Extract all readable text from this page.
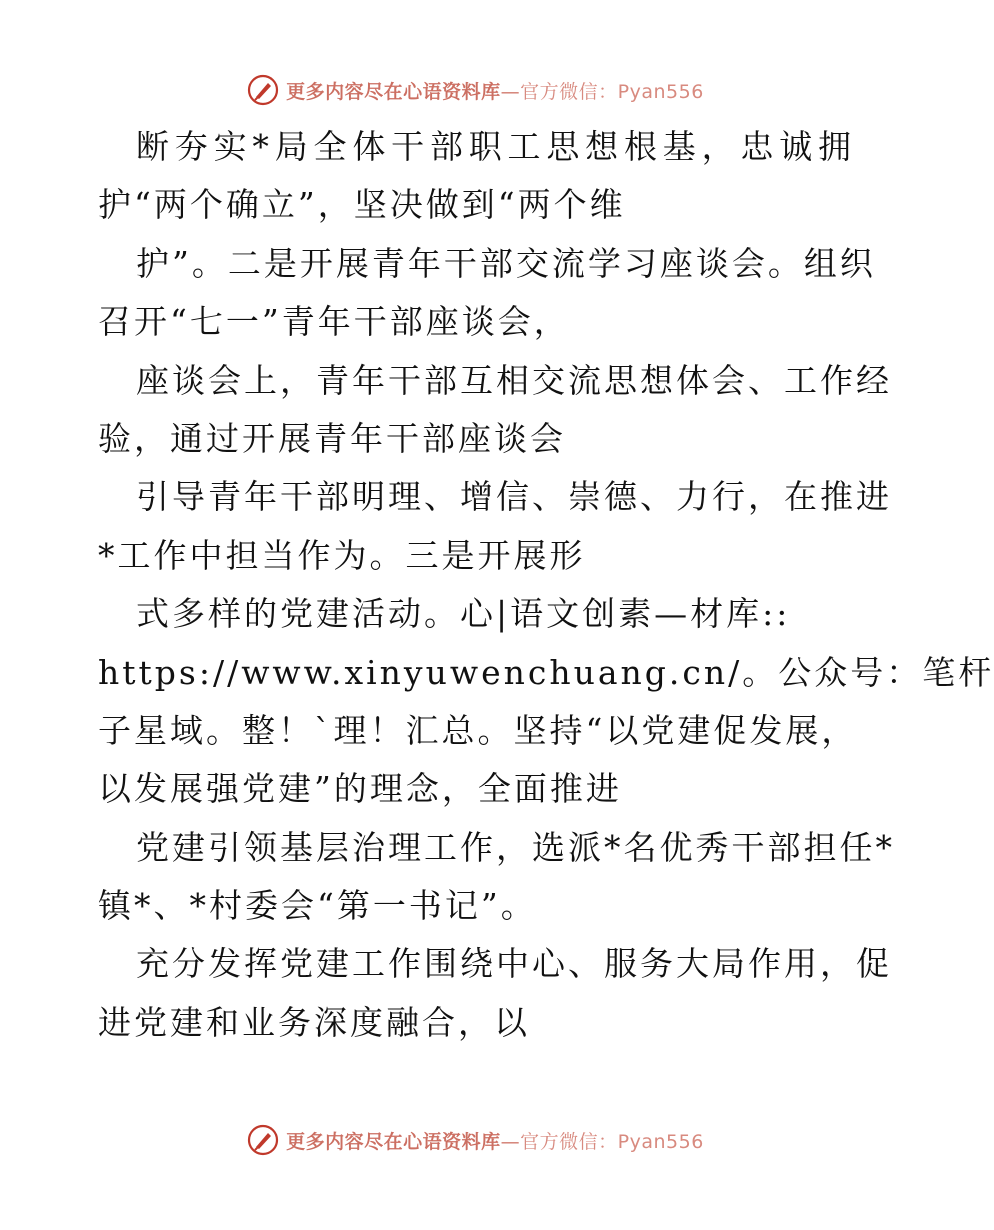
更多内容尽在心语资料库—官方微信：Pyan556
断夯实*局全体干部职工思想根基，忠诚拥
护“两个确立”，坚决做到“两个维
护”。二是开展青年干部交流学习座谈会。组织
召开“七一”青年干部座谈会，
座谈会上，青年干部互相交流思想体会、工作经
验，通过开展青年干部座谈会
引导青年干部明理、增信、崇德、力行，在推进
*工作中担当作为。三是开展形
式多样的党建活动。心|语文创素—材库::
https://www.xinyuwenchuang.cn/。公众号：笔杆
子星域。整！`理！汇总。坚持“以党建促发展，
以发展强党建”的理念，全面推进
党建引领基层治理工作，选派*名优秀干部担任*
镇*、*村委会“第一书记”。
充分发挥党建工作围绕中心、服务大局作用，促
进党建和业务深度融合，以
更多内容尽在心语资料库—官方微信：Pyan556
